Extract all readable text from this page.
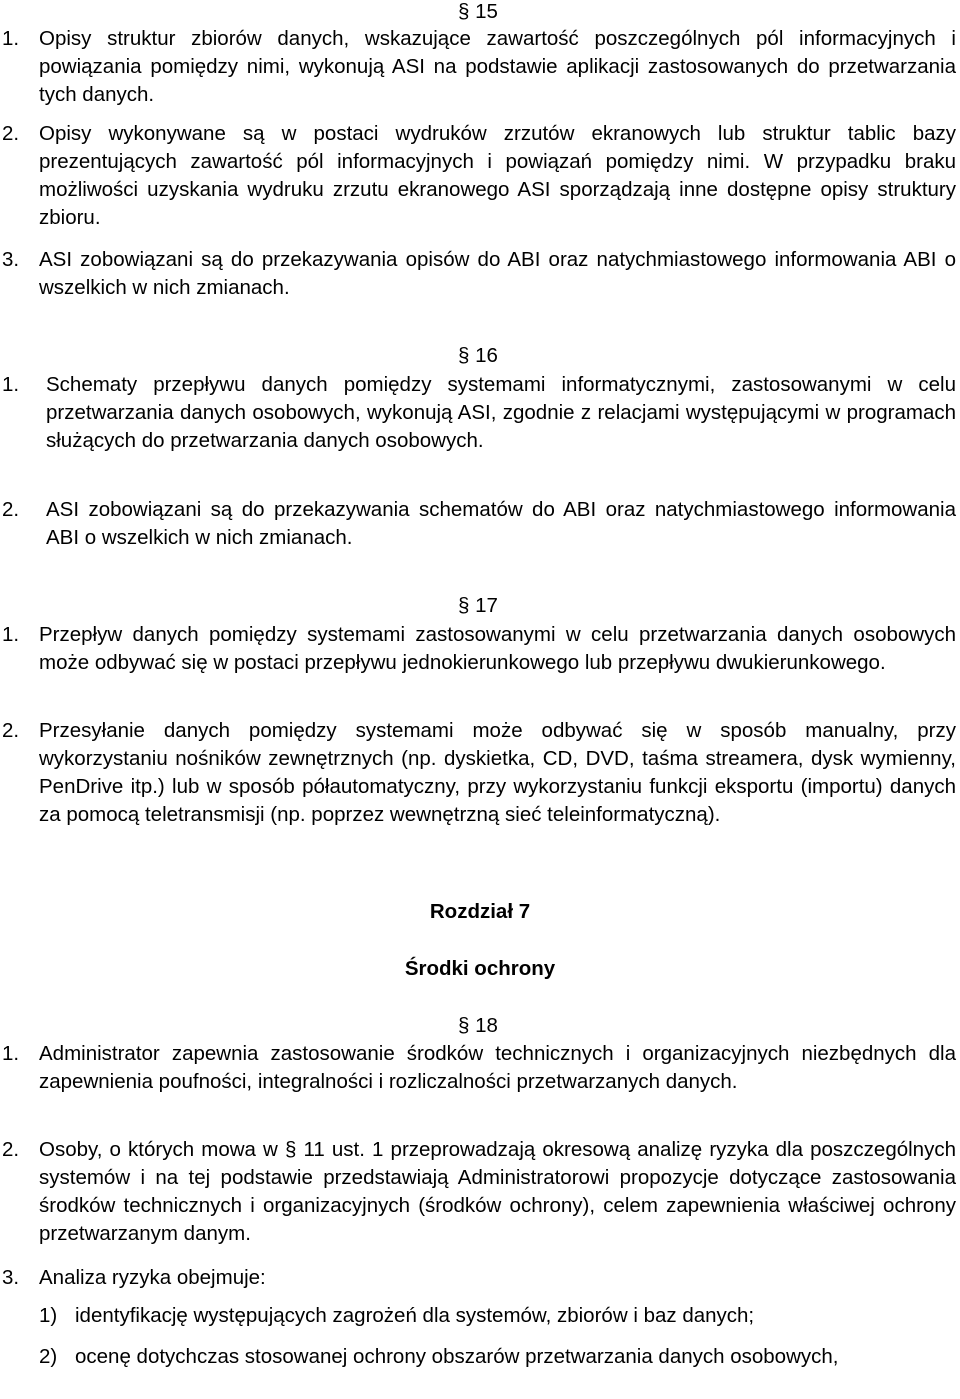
§ 15

1. Opisy struktur zbiorów danych, wskazujące zawartość poszczególnych pól informacyjnych i powiązania pomiędzy nimi, wykonują ASI na podstawie aplikacji zastosowanych do przetwarzania tych danych.
2. Opisy wykonywane są w postaci wydruków zrzutów ekranowych lub struktur tablic bazy prezentujących zawartość pól informacyjnych i powiązań pomiędzy nimi. W przypadku braku możliwości uzyskania wydruku zrzutu ekranowego ASI sporządzają inne dostępne opisy struktury zbioru.
3. ASI zobowiązani są do przekazywania opisów do ABI oraz natychmiastowego informowania ABI o wszelkich w nich zmianach.

§ 16

1.	Schematy przepływu danych pomiędzy systemami informatycznymi, zastosowanymi w celu przetwarzania danych osobowych, wykonują ASI, zgodnie z relacjami występującymi w programach służących do przetwarzania danych osobowych.
2.	ASI zobowiązani są do przekazywania schematów do ABI oraz natychmiastowego informowania ABI o wszelkich w nich zmianach.

§ 17

1. Przepływ danych pomiędzy systemami zastosowanymi w celu przetwarzania danych osobowych może odbywać się w postaci przepływu jednokierunkowego lub przepływu dwukierunkowego.
2. Przesyłanie danych pomiędzy systemami może odbywać się w sposób manualny, przy wykorzystaniu nośników zewnętrznych (np. dyskietka, CD, DVD, taśma streamera, dysk wymienny, PenDrive itp.) lub w sposób półautomatyczny, przy wykorzystaniu funkcji eksportu (importu) danych za pomocą teletransmisji (np. poprzez wewnętrzną sieć teleinformatyczną).

Rozdział 7

Środki ochrony

§ 18

1. Administrator zapewnia zastosowanie środków technicznych i organizacyjnych niezbędnych dla zapewnienia poufności, integralności i rozliczalności przetwarzanych danych.
2. Osoby, o których mowa w § 11 ust. 1 przeprowadzają okresową analizę ryzyka dla poszczególnych systemów i na tej podstawie przedstawiają Administratorowi propozycje dotyczące zastosowania środków technicznych i organizacyjnych (środków ochrony), celem zapewnienia właściwej ochrony przetwarzanym danym.
3. Analiza ryzyka obejmuje:
1) identyfikację występujących zagrożeń dla systemów, zbiorów i baz danych;
2) ocenę dotychczas stosowanej ochrony obszarów przetwarzania danych osobowych,
